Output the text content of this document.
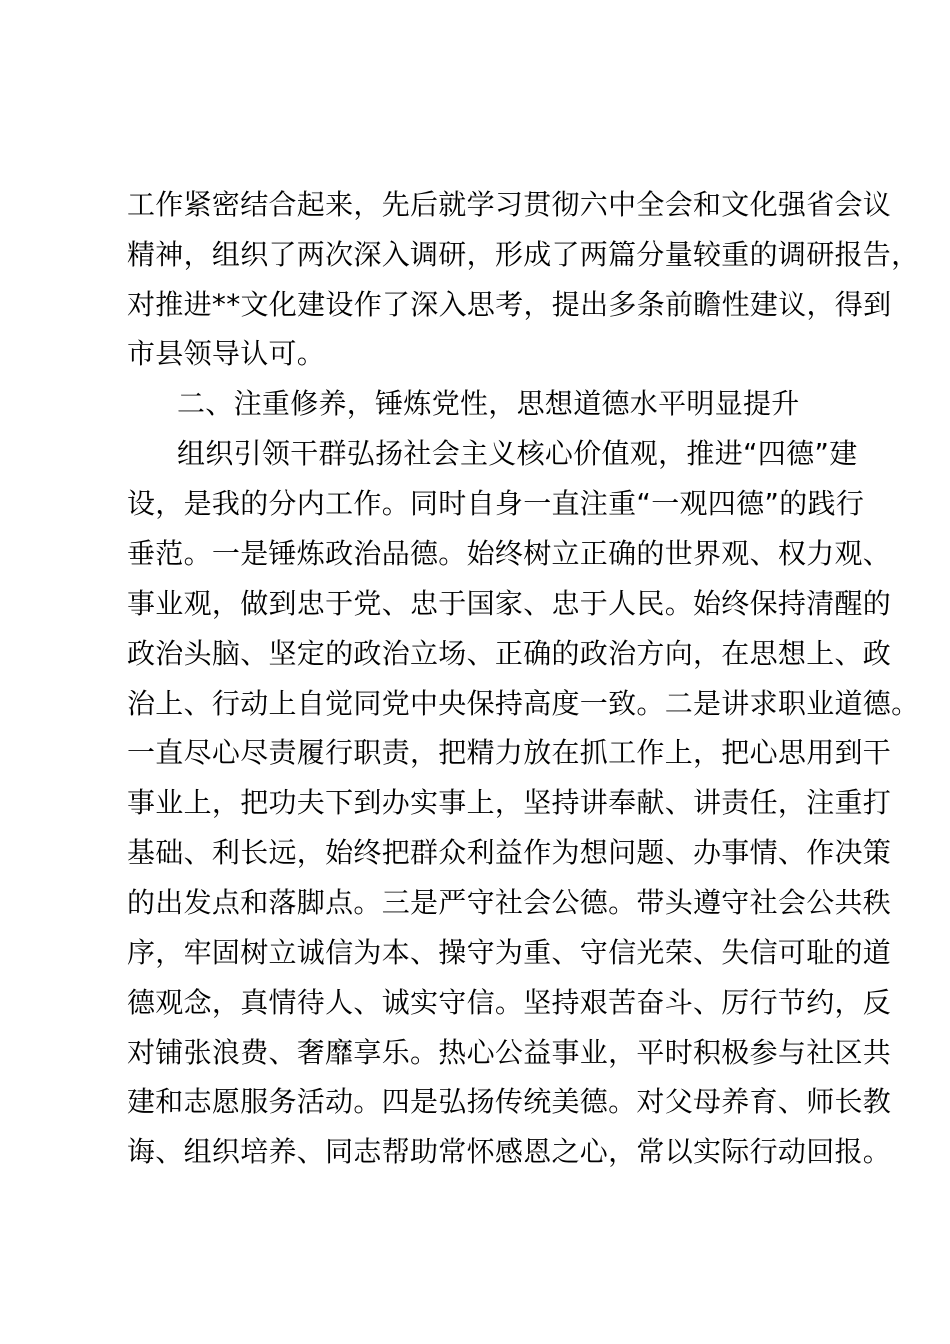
工作紧密结合起来，先后就学习贯彻六中全会和文化强省会议
精神，组织了两次深入调研，形成了两篇分量较重的调研报告，
对推进**文化建设作了深入思考，提出多条前瞻性建议，得到
市县领导认可。
二、注重修养，锤炼党性，思想道德水平明显提升
组织引领干群弘扬社会主义核心价值观，推进“四德”建
设，是我的分内工作。同时自身一直注重“一观四德”的践行
垂范。一是锤炼政治品德。始终树立正确的世界观、权力观、
事业观，做到忠于党、忠于国家、忠于人民。始终保持清醒的
政治头脑、坚定的政治立场、正确的政治方向，在思想上、政
治上、行动上自觉同党中央保持高度一致。二是讲求职业道德。
一直尽心尽责履行职责，把精力放在抓工作上，把心思用到干
事业上，把功夫下到办实事上，坚持讲奉献、讲责任，注重打
基础、利长远，始终把群众利益作为想问题、办事情、作决策
的出发点和落脚点。三是严守社会公德。带头遵守社会公共秩
序，牢固树立诚信为本、操守为重、守信光荣、失信可耻的道
德观念，真情待人、诚实守信。坚持艰苦奋斗、厉行节约，反
对铺张浪费、奢靡享乐。热心公益事业，平时积极参与社区共
建和志愿服务活动。四是弘扬传统美德。对父母养育、师长教
诲、组织培养、同志帮助常怀感恩之心，常以实际行动回报。
